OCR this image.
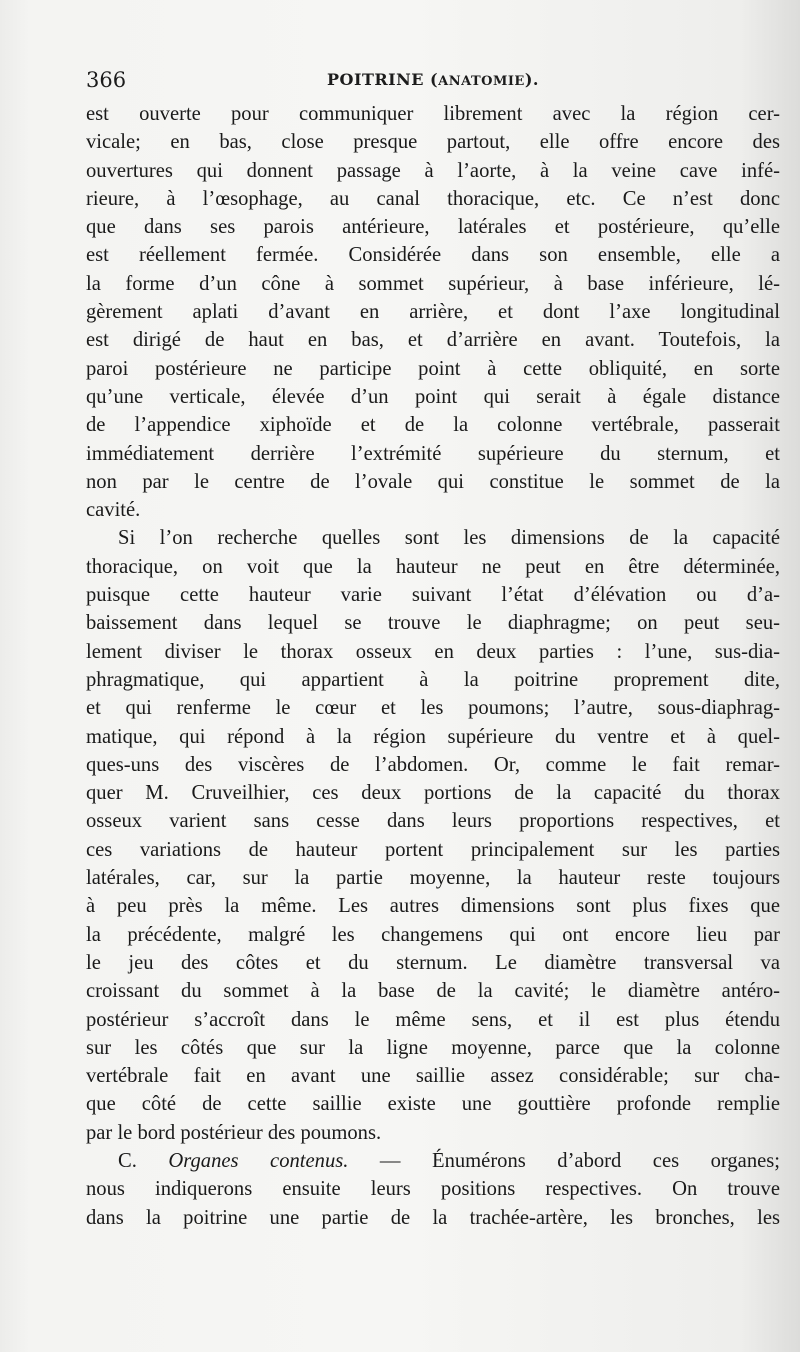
366	POITRINE (ANATOMIE).
est ouverte pour communiquer librement avec la région cer-
vicale; en bas, close presque partout, elle offre encore des
ouvertures qui donnent passage à l’aorte, à la veine cave infé-
rieure, à l’œsophage, au canal thoracique, etc. Ce n’est donc
que dans ses parois antérieure, latérales et postérieure, qu’elle
est réellement fermée. Considérée dans son ensemble, elle a
la forme d’un cône à sommet supérieur, à base inférieure, lé-
gèrement aplati d’avant en arrière, et dont l’axe longitudinal
est dirigé de haut en bas, et d’arrière en avant. Toutefois, la
paroi postérieure ne participe point à cette obliquité, en sorte
qu’une verticale, élevée d’un point qui serait à égale distance
de l’appendice xiphoïde et de la colonne vertébrale, passerait
immédiatement derrière l’extrémité supérieure du sternum, et
non par le centre de l’ovale qui constitue le sommet de la
cavité.
Si l’on recherche quelles sont les dimensions de la capacité
thoracique, on voit que la hauteur ne peut en être déterminée,
puisque cette hauteur varie suivant l’état d’élévation ou d’a-
baissement dans lequel se trouve le diaphragme; on peut seu-
lement diviser le thorax osseux en deux parties : l’une, sus-dia-
phragmatique, qui appartient à la poitrine proprement dite,
et qui renferme le cœur et les poumons; l’autre, sous-diaphrag-
matique, qui répond à la région supérieure du ventre et à quel-
ques-uns des viscères de l’abdomen. Or, comme le fait remar-
quer M. Cruveilhier, ces deux portions de la capacité du thorax
osseux varient sans cesse dans leurs proportions respectives, et
ces variations de hauteur portent principalement sur les parties
latérales, car, sur la partie moyenne, la hauteur reste toujours
à peu près la même. Les autres dimensions sont plus fixes que
la précédente, malgré les changemens qui ont encore lieu par
le jeu des côtes et du sternum. Le diamètre transversal va
croissant du sommet à la base de la cavité; le diamètre antéro-
postérieur s’accroît dans le même sens, et il est plus étendu
sur les côtés que sur la ligne moyenne, parce que la colonne
vertébrale fait en avant une saillie assez considérable; sur cha-
que côté de cette saillie existe une gouttière profonde remplie
par le bord postérieur des poumons.
C. Organes contenus. — Énumérons d’abord ces organes;
nous indiquerons ensuite leurs positions respectives. On trouve
dans la poitrine une partie de la trachée-artère, les bronches, les
